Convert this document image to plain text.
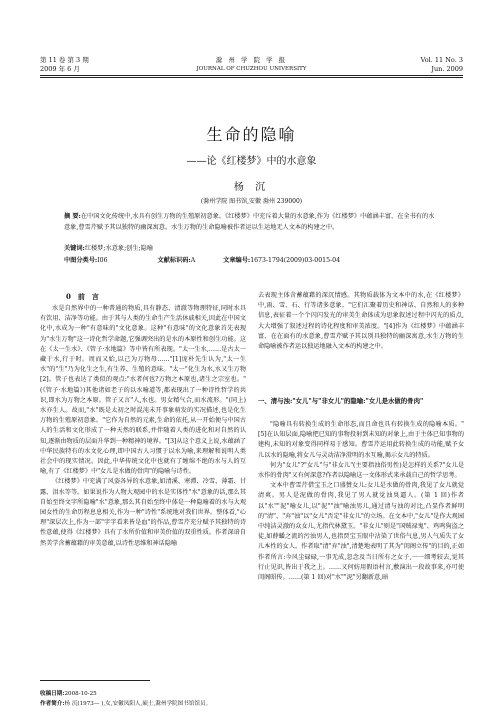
第 11 卷 第 3 期
2009 年 6 月
滁 州 学 院 学 报
JOURNAL OF CHUZHOU UNIVERSITY
Vol. 11 No. 3
Jun. 2009
生命的隐喻
——论《红楼梦》中的水意象
杨 沉
(滁州学院 图书馆,安徽 滁州 239000)
摘 要:在中国文化传统中,水具有创生万物的生殖原初意象。《红楼梦》中充斥着大量的水意象,作为《红楼梦》中蕴涵丰富、在全书有的水意象,曹雪芹赋予其以独特的幽深寓意。水生万物的生命隐喻被作者运以生运地无人文本的构建之中。
关键词:红楼梦;水意象;创生;隐喻
中图分类号:I06	文献标识码:A	文章编号:1673-1794(2009)03-0015-04
0　前　言

水是自然界中的一种普通的物质,具有静态、清澈等物理特征,同时水具有饮用、洁净等功能。由于其与人类的生命生产生活休戚相关,因此在中国文化中,水成为一种"有意味的"文化意象。这种"有意味"的文化意象首先表现为"水生万物"这一诗化哲学命题,它强调突出的是水的本原性和创生功能。这在《太一生水》、《管子·水地篇》等中皆有所表现。"太一生水,……是古太一藏于水,行于时。周而又始,以己为万物母……"[1]庞朴先生认为,"太一生水"的"生"乃为化生之生,有生养、生殖的意味。"太一"化生为水,水又生万物[2]。管子也表达了类似的观点:"水者何也?万物之本原也,诸生之宗室也。"(《管子·水地篇》)其他诸如老子的以水喻道等,都表现出了一种诗性哲学的共识,即水为万物之本原。管子又言"人,水也。男女精气合,而水流形。"(同上)水亦生人。故而,"水"既是太初之时混沌未开事象萌发的实况描述,也是化生万物的生殖原初意象。"它作为自然的元素,生命的依托,从一开始便与中国古人的生活和文化形成了一种天然的联系,并伴随着人类的进化和对自然的认知,逐渐由物质的层面升华到一种精神的境界。"[3]从这个意义上说,水蕴涵了中华民族特有的水文化心理,即中国古人习惯于以水为喻,来理解和说明人类社会中的现实情况。因此,中华传统文化中也就有了缠绵不绝的水与人的互喻,有了《红楼梦》中"女儿是水做的骨肉"的隐喻与诗性。

《红楼梦》中充满了风姿各异的水意象,如清溪、寒潭、冷雪、薄霜、甘露、泪水等等。如果说作为人物大观园中的水是实体性"水"意象的话,那么其自始至终文字所隐喻"水"意象,那么其自始至终中体是一种隐喻着的水与大观园女性的生命历程息息相关,作为一种"诗性"系统地对我们世界。整体看,"心理"深层次上,作为一部"字字看来皆是血"的作品,曹雪芹充分赋予其独特的诗性意蕴,使得《红楼梦》具有了水所价值和审美价值的双重性质。作者深谙自然美学含蓄蕴藉的审美意蕴,以诗性思维和神话隐喻

去表现主体含蓄蕴藉的深沉情感。其物质载体为文本中的水,在《红楼梦》中,雨、雪、石、行等诸多意象。"它们汇聚着历史和神话、自然和人的多种信息,表征着一个个闪闪发光的审美生命体成为思象叙述过程中闪光的质点,大大增强了叙述过程的诗化程度和审美浓度。"[4]作为《红楼梦》中蕴涵丰富、在在面有的水意象,曹雪芹赋予其以别具独特的幽深寓意,水生万物的生命隐喻被作者运以独运地融入文本的构建之中。

一、清与浊:"女儿"与"非女儿"的隐喻:"女儿是水做的骨肉"

"隐喻具有转换生成的生命形态,而且命也具有转换生成的隐喻本质。"[5]在认知层面,隐喻把已知的事物投射到未知的对象上,由于主体已知事物的建构,未知的对象变得同样易于感知。曹雪芹运用此转换生成的功能,赋予女儿以水的隐喻,将女儿与灵动洁净澄明的水互喻,揭示女儿的特质。

何为"女儿"?"女儿"与"非女儿"(主要指浊俗男性)是怎样的关系?"女儿是水作的骨肉"又有何深意?作者以隐喻这一文体形式来承载自己的哲学思考。

文本中曹雪芹借宝玉之口盛赞女儿:女儿是水做的骨肉,我见了女儿就觉清爽。男人是泥做的骨肉,我见了男人就觉浊臭逼人。(第 1 回)作者以"水""泥"喻女儿,以"泥""浊"喻浊男儿,通过清与浊的对比,凸显作者鲜明的"清"、"弃"浊"以"女儿"否定"非女儿"的立场。在文本中,"女儿"是作大观园中纯洁灵澈的众女儿,尤指代林黛玉。"非女儿"则是"国贼禄鬼"、鸡鸣狗盗之徒,如薛蟠之流的污浊男人,也指贾宝玉眼中沾染了世俗气息,男人气质失了女儿本性的女人。作者取"清"弃"浊",清楚地表明了其为"闺阁立传"的目的,正如作者所言:今风尘碌碌,一事无成,忽念及当日所有之女子,一一细考较去,觉其行止见识,皆出于我之上。……又何妨用假语村言,敷演出一段故事来,亦可使闺阁昭传。……(第 1 回)对"水""泥"另翻新意,暗

收稿日期:2008-10-25
作者简介:杨 沉(1973— ),女,安徽凤阳人,硕士,滁州学院图书馆馆员。
